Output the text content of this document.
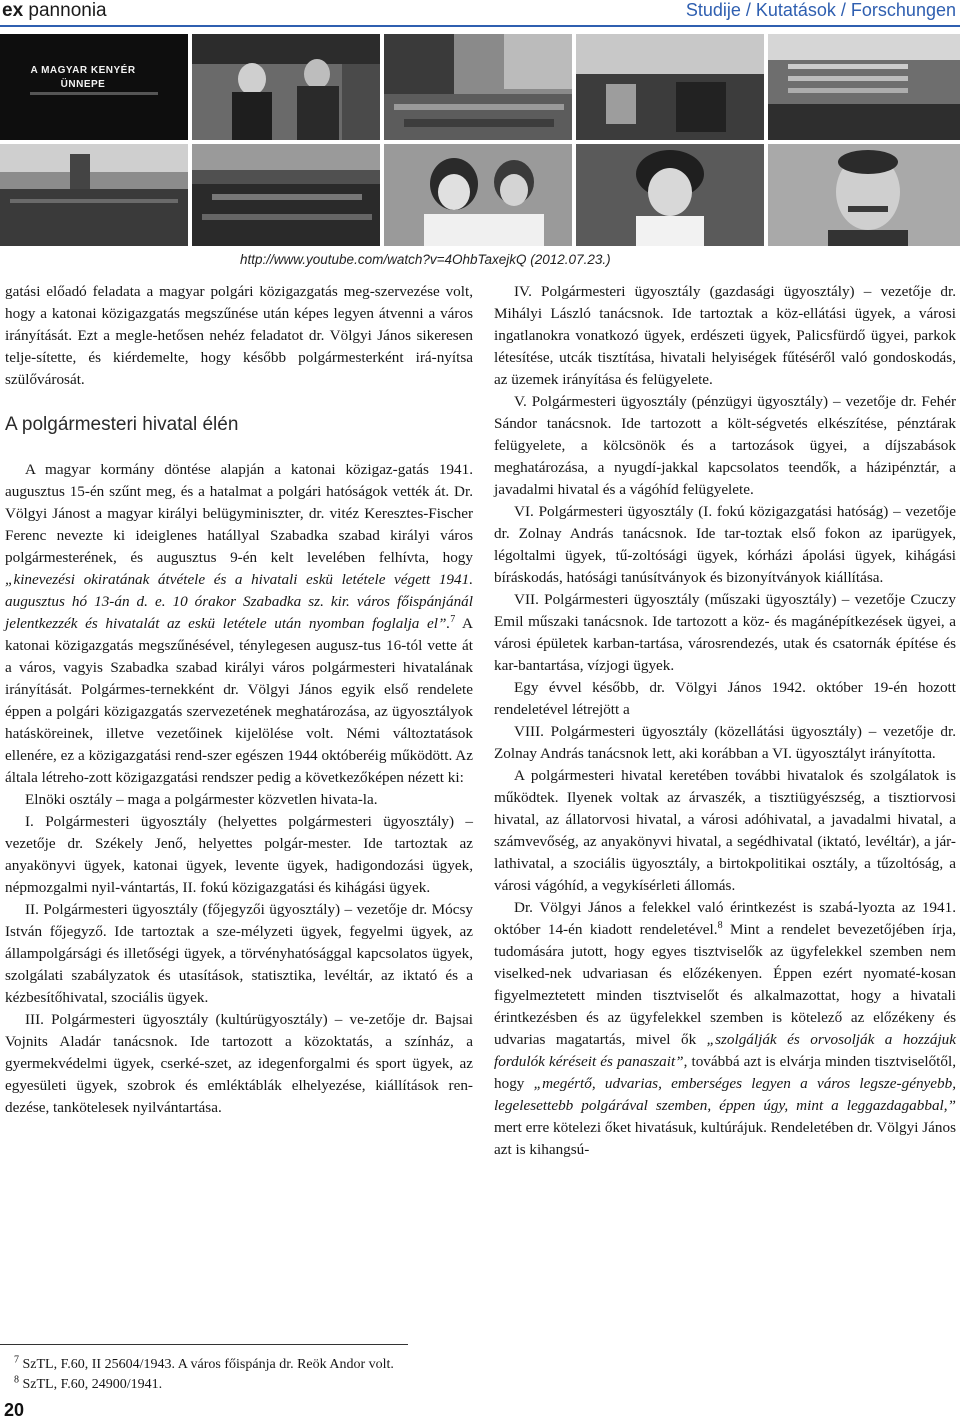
ex pannonia	Studije / Kutatások / Forschungen
A MAGYAR KENYÉR ÜNNEPE
http://www.youtube.com/watch?v=4OhbTaxejkQ (2012.07.23.)

gatási előadó feladata a magyar polgári közigazgatás meg-szervezése volt, hogy a katonai közigazgatás megszűnése után képes legyen átvenni a város irányítását. Ezt a megle-hetősen nehéz feladatot dr. Völgyi János sikeresen telje-sítette, és kiérdemelte, hogy később polgármesterként irá-nyítsa szülővárosát.

A polgármesteri hivatal élén

A magyar kormány döntése alapján a katonai közigaz-gatás 1941. augusztus 15-én szűnt meg, és a hatalmat a polgári hatóságok vették át. Dr. Völgyi Jánost a magyar királyi belügyminiszter, dr. vitéz Keresztes-Fischer Ferenc nevezte ki ideiglenes hatállyal Szabadka szabad királyi város polgármesterének, és augusztus 9-én kelt levelében felhívta, hogy „kinevezési okiratának átvétele és a hivatali eskü letétele végett 1941. augusztus hó 13-án d. e. 10 órakor Szabadka sz. kir. város főispánjánál jelentkezzék és hivatalát az eskü letétele után nyomban foglalja el”.$^7$ A katonai közigazgatás megszűnésével, ténylegesen augusz-tus 16-tól vette át a város, vagyis Szabadka szabad királyi város polgármesteri hivatalának irányítását. Polgármes-ternekként dr. Völgyi János egyik első rendelete éppen a polgári közigazgatás szervezetének meghatározása, az ügyosztályok hatásköreinek, illetve vezetőinek kijelölése volt. Némi változtatások ellenére, ez a közigazgatási rend-szer egészen 1944 októberéig működött. Az általa létreho-zott közigazgatási rendszer pedig a következőképen nézett ki:

Elnöki osztály – maga a polgármester közvetlen hivata-la.

I. Polgármesteri ügyosztály (helyettes polgármesteri ügyosztály) – vezetője dr. Székely Jenő, helyettes polgár-mester. Ide tartoztak az anyakönyvi ügyek, katonai ügyek, levente ügyek, hadigondozási ügyek, népmozgalmi nyil-vántartás, II. fokú közigazgatási és kihágási ügyek.

II. Polgármesteri ügyosztály (főjegyzői ügyosztály) – vezetője dr. Mócsy István főjegyző. Ide tartoztak a sze-mélyzeti ügyek, fegyelmi ügyek, az állampolgársági és illetőségi ügyek, a törvényhatósággal kapcsolatos ügyek, szolgálati szabályzatok és utasítások, statisztika, levéltár, az iktató és a kézbesítőhivatal, szociális ügyek.

III. Polgármesteri ügyosztály (kultúrügyosztály) – ve-zetője dr. Bajsai Vojnits Aladár tanácsnok. Ide tartozott a közoktatás, a színház, a gyermekvédelmi ügyek, cserké-szet, az idegenforgalmi és sport ügyek, az egyesületi ügyek, szobrok és emléktáblák elhelyezése, kiállítások ren-dezése, tankötelesek nyilvántartása.

IV. Polgármesteri ügyosztály (gazdasági ügyosztály) – vezetője dr. Mihályi László tanácsnok. Ide tartoztak a köz-ellátási ügyek, a városi ingatlanokra vonatkozó ügyek, erdészeti ügyek, Palicsfürdő ügyei, parkok létesítése, utcák tisztítása, hivatali helyiségek fűtéséről való gondoskodás, az üzemek irányítása és felügyelete.

V. Polgármesteri ügyosztály (pénzügyi ügyosztály) – vezetője dr. Fehér Sándor tanácsnok. Ide tartozott a költ-ségvetés elkészítése, pénztárak felügyelete, a kölcsönök és a tartozások ügyei, a díjszabások meghatározása, a nyugdí-jakkal kapcsolatos teendők, a házipénztár, a javadalmi hivatal és a vágóhíd felügyelete.

VI. Polgármesteri ügyosztály (I. fokú közigazgatási hatóság) – vezetője dr. Zolnay András tanácsnok. Ide tar-toztak első fokon az iparügyek, légoltalmi ügyek, tű-zoltósági ügyek, kórházi ápolási ügyek, kihágási bíráskodás, hatósági tanúsítványok és bizonyítványok kiállítása.

VII. Polgármesteri ügyosztály (műszaki ügyosztály) – vezetője Czuczy Emil műszaki tanácsnok. Ide tartozott a köz- és magánépítkezések ügyei, a városi épületek karban-tartása, városrendezés, utak és csatornák építése és kar-bantartása, vízjogi ügyek.

Egy évvel később, dr. Völgyi János 1942. október 19-én hozott rendeletével létrejött a

VIII. Polgármesteri ügyosztály (közellátási ügyosztály) – vezetője dr. Zolnay András tanácsnok lett, aki korábban a VI. ügyosztályt irányította.

A polgármesteri hivatal keretében további hivatalok és szolgálatok is működtek. Ilyenek voltak az árvaszék, a tisztiügyészség, a tisztiorvosi hivatal, az állatorvosi hivatal, a városi adóhivatal, a javadalmi hivatal, a számvevőség, az anyakönyvi hivatal, a segédhivatal (iktató, levéltár), a jár-lathivatal, a szociális ügyosztály, a birtokpolitikai osztály, a tűzoltóság, a városi vágóhíd, a vegykísérleti állomás.

Dr. Völgyi János a felekkel való érintkezést is szabá-lyozta az 1941. október 14-én kiadott rendeletével.$^8$ Mint a rendelet bevezetőjében írja, tudomására jutott, hogy egyes tisztviselők az ügyfelekkel szemben nem viselked-nek udvariasan és előzékenyen. Éppen ezért nyomaté-kosan figyelmeztetett minden tisztviselőt és alkalmazottat, hogy a hivatali érintkezésben és az ügyfelekkel szemben is kötelező az előzékeny és udvarias magatartás, mivel ők „szolgálják és orvosolják a hozzájuk fordulók kéréseit és panaszait”, továbbá azt is elvárja minden tisztviselőtől, hogy „megértő, udvarias, emberséges legyen a város legsze-gényebb, legelesettebb polgárával szemben, éppen úgy, mint a leggazdagabbal,” mert erre kötelezi őket hivatásuk, kultúrájuk. Rendeletében dr. Völgyi János azt is kihangsú-

$^7$ SzTL, F.60, II 25604/1943. A város főispánja dr. Reök Andor volt.
$^8$ SzTL, F.60, 24900/1941.
20
